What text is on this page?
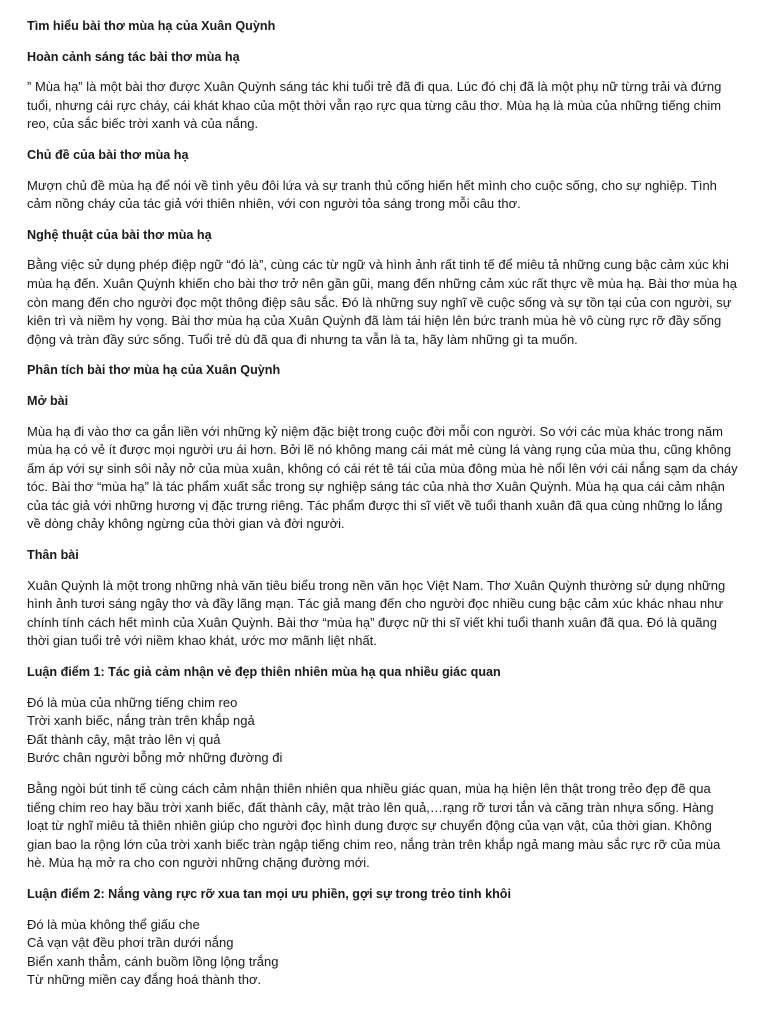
Tìm hiểu bài thơ mùa hạ của Xuân Quỳnh
Hoàn cảnh sáng tác bài thơ mùa hạ
” Mùa hạ” là một bài thơ được Xuân Quỳnh sáng tác khi tuổi trẻ đã đi qua. Lúc đó chị đã là một phụ nữ từng trải và đứng tuổi, nhưng cái rực cháy, cái khát khao của một thời vẫn rạo rực qua từng câu thơ. Mùa hạ là mùa của những tiếng chim reo, của sắc biếc trời xanh và của nắng.
Chủ đề của bài thơ mùa hạ
Mượn chủ đề mùa hạ để nói về tình yêu đôi lứa và sự tranh thủ cống hiến hết mình cho cuộc sống, cho sự nghiệp. Tình cảm nồng cháy của tác giả với thiên nhiên, với con người tỏa sáng trong mỗi câu thơ.
Nghệ thuật của bài thơ mùa hạ
Bằng việc sử dụng phép điệp ngữ “đó là”, cùng các từ ngữ và hình ảnh rất tinh tế để miêu tả những cung bậc cảm xúc khi mùa hạ đến. Xuân Quỳnh khiến cho bài thơ trở nên gần gũi, mang đến những cảm xúc rất thực về mùa hạ. Bài thơ mùa hạ còn mang đến cho người đọc một thông điệp sâu sắc. Đó là những suy nghĩ về cuộc sống và sự tồn tại của con người, sự kiên trì và niềm hy vọng. Bài thơ mùa hạ của Xuân Quỳnh đã làm tái hiện lên bức tranh mùa hè vô cùng rực rỡ đầy sống động và tràn đầy sức sống. Tuổi trẻ dù đã qua đi nhưng ta vẫn là ta, hãy làm những gì ta muốn.
Phân tích bài thơ mùa hạ của Xuân Quỳnh
Mở bài
Mùa hạ đi vào thơ ca gắn liền với những kỷ niệm đặc biệt trong cuộc đời mỗi con người. So với các mùa khác trong năm mùa hạ có vẻ ít được mọi người ưu ái hơn. Bởi lẽ nó không mang cái mát mẻ cùng lá vàng rụng của mùa thu, cũng không ấm áp với sự sinh sôi nảy nở của mùa xuân, không có cái rét tê tái của mùa đông mùa hè nổi lên với cái nắng sạm da cháy tóc. Bài thơ “mùa hạ” là tác phẩm xuất sắc trong sự nghiệp sáng tác của nhà thơ Xuân Quỳnh. Mùa hạ qua cái cảm nhận của tác giả với những hương vị đặc trưng riêng. Tác phẩm được thi sĩ viết về tuổi thanh xuân đã qua cùng những lo lắng về dòng chảy không ngừng của thời gian và đời người.
Thân bài
Xuân Quỳnh là một trong những nhà văn tiêu biểu trong nền văn học Việt Nam. Thơ Xuân Quỳnh thường sử dụng những hình ảnh tươi sáng ngây thơ và đầy lãng mạn. Tác giả mang đến cho người đọc nhiều cung bậc cảm xúc khác nhau như chính tính cách hết mình của Xuân Quỳnh. Bài thơ “mùa hạ” được nữ thi sĩ viết khi tuổi thanh xuân đã qua. Đó là quãng thời gian tuổi trẻ với niềm khao khát, ước mơ mãnh liệt nhất.
Luận điểm 1: Tác giả cảm nhận vẻ đẹp thiên nhiên mùa hạ qua nhiều giác quan
Đó là mùa của những tiếng chim reo
Trời xanh biếc, nắng tràn trên khắp ngả
Đất thành cây, mật trào lên vị quả
Bước chân người bỗng mở những đường đi
Bằng ngòi bút tinh tế cùng cách cảm nhận thiên nhiên qua nhiều giác quan, mùa hạ hiện lên thật trong trẻo đẹp đẽ qua tiếng chim reo hay bầu trời xanh biếc, đất thành cây, mật trào lên quả,…rạng rỡ tươi tắn và căng tràn nhựa sống. Hàng loạt từ nghĩ miêu tả thiên nhiên giúp cho người đọc hình dung được sự chuyển động của vạn vật, của thời gian. Không gian bao la rộng lớn của trời xanh biếc tràn ngập tiếng chim reo, nắng tràn trên khắp ngả mang màu sắc rực rỡ của mùa hè. Mùa hạ mở ra cho con người những chặng đường mới.
Luận điểm 2: Nắng vàng rực rỡ xua tan mọi ưu phiền, gợi sự trong trẻo tinh khôi
Đó là mùa không thể giấu che
Cả vạn vật đều phơi trần dưới nắng
Biển xanh thẳm, cánh buồm lồng lộng trắng
Từ những miền cay đắng hoá thành thơ.
